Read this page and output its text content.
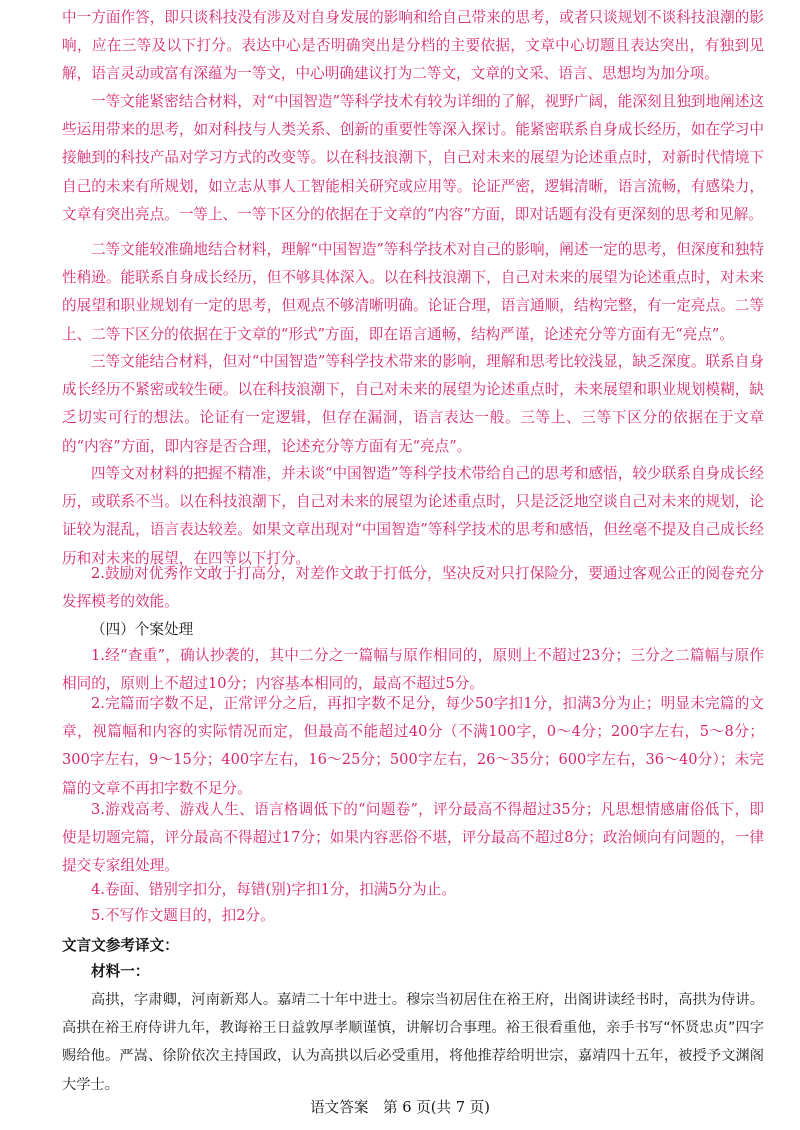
中一方面作答，即只谈科技没有涉及对自身发展的影响和给自己带来的思考，或者只谈规划不谈科技浪潮的影响，应在三等及以下打分。表达中心是否明确突出是分档的主要依据，文章中心切题且表达突出，有独到见解，语言灵动或富有深蕴为一等文，中心明确建议打为二等文，文章的文采、语言、思想均为加分项。

一等文能紧密结合材料，对“中国智造”等科学技术有较为详细的了解，视野广阔，能深刻且独到地阐述这些运用带来的思考，如对科技与人类关系、创新的重要性等深入探讨。能紧密联系自身成长经历，如在学习中接触到的科技产品对学习方式的改变等。以在科技浪潮下，自己对未来的展望为论述重点时，对新时代情境下自己的未来有所规划，如立志从事人工智能相关研究或应用等。论证严密，逻辑清晰，语言流畅，有感染力，文章有突出亮点。一等上、一等下区分的依据在于文章的“内容”方面，即对话题有没有更深刻的思考和见解。

二等文能较准确地结合材料，理解“中国智造”等科学技术对自己的影响，阐述一定的思考，但深度和独特性稍逊。能联系自身成长经历，但不够具体深入。以在科技浪潮下，自己对未来的展望为论述重点时，对未来的展望和职业规划有一定的思考，但观点不够清晰明确。论证合理，语言通顺，结构完整，有一定亮点。二等上、二等下区分的依据在于文章的“形式”方面，即在语言通畅，结构严谨，论述充分等方面有无“亮点”。

三等文能结合材料，但对“中国智造”等科学技术带来的影响，理解和思考比较浅显，缺乏深度。联系自身成长经历不紧密或较生硬。以在科技浪潮下，自己对未来的展望为论述重点时，未来展望和职业规划模糊，缺乏切实可行的想法。论证有一定逻辑，但存在漏洞，语言表达一般。三等上、三等下区分的依据在于文章的“内容”方面，即内容是否合理，论述充分等方面有无“亮点”。

四等文对材料的把握不精准，并未谈“中国智造”等科学技术带给自己的思考和感悟，较少联系自身成长经历，或联系不当。以在科技浪潮下，自己对未来的展望为论述重点时，只是泛泛地空谈自己对未来的规划，论证较为混乱，语言表达较差。如果文章出现对“中国智造”等科学技术的思考和感悟，但丝毫不提及自己成长经历和对未来的展望，在四等以下打分。

2.鼓励对优秀作文敢于打高分，对差作文敢于打低分，坚决反对只打保险分，要通过客观公正的阅卷充分发挥模考的效能。

（四）个案处理

1.经“查重”，确认抄袭的，其中二分之一篇幅与原作相同的，原则上不超过23分；三分之二篇幅与原作相同的，原则上不超过10分；内容基本相同的，最高不超过5分。

2.完篇而字数不足，正常评分之后，再扣字数不足分，每少50字扣1分，扣满3分为止；明显未完篇的文章，视篇幅和内容的实际情况而定，但最高不能超过40分（不满100字，0～4分；200字左右，5～8分；300字左右，9～15分；400字左右，16～25分；500字左右，26～35分；600字左右，36～40分）；未完篇的文章不再扣字数不足分。

3.游戏高考、游戏人生、语言格调低下的“问题卷”，评分最高不得超过35分；凡思想情感庸俗低下，即使是切题完篇，评分最高不得超过17分；如果内容恶俗不堪，评分最高不超过8分；政治倾向有问题的，一律提交专家组处理。

4.卷面、错别字扣分，每错(别)字扣1分，扣满5分为止。

5.不写作文题目的，扣2分。

文言文参考译文：

材料一：

高拱，字肃卿，河南新郑人。嘉靖二十年中进士。穆宗当初居住在裕王府，出阁讲读经书时，高拱为侍讲。高拱在裕王府侍讲九年，教诲裕王日益敦厚孝顺谨慎，讲解切合事理。裕王很看重他，亲手书写“怀贤忠贞”四字赐给他。严嵩、徐阶依次主持国政，认为高拱以后必受重用，将他推荐给明世宗，嘉靖四十五年，被授予文渊阁大学士。

语文答案　第 6 页(共 7 页)
